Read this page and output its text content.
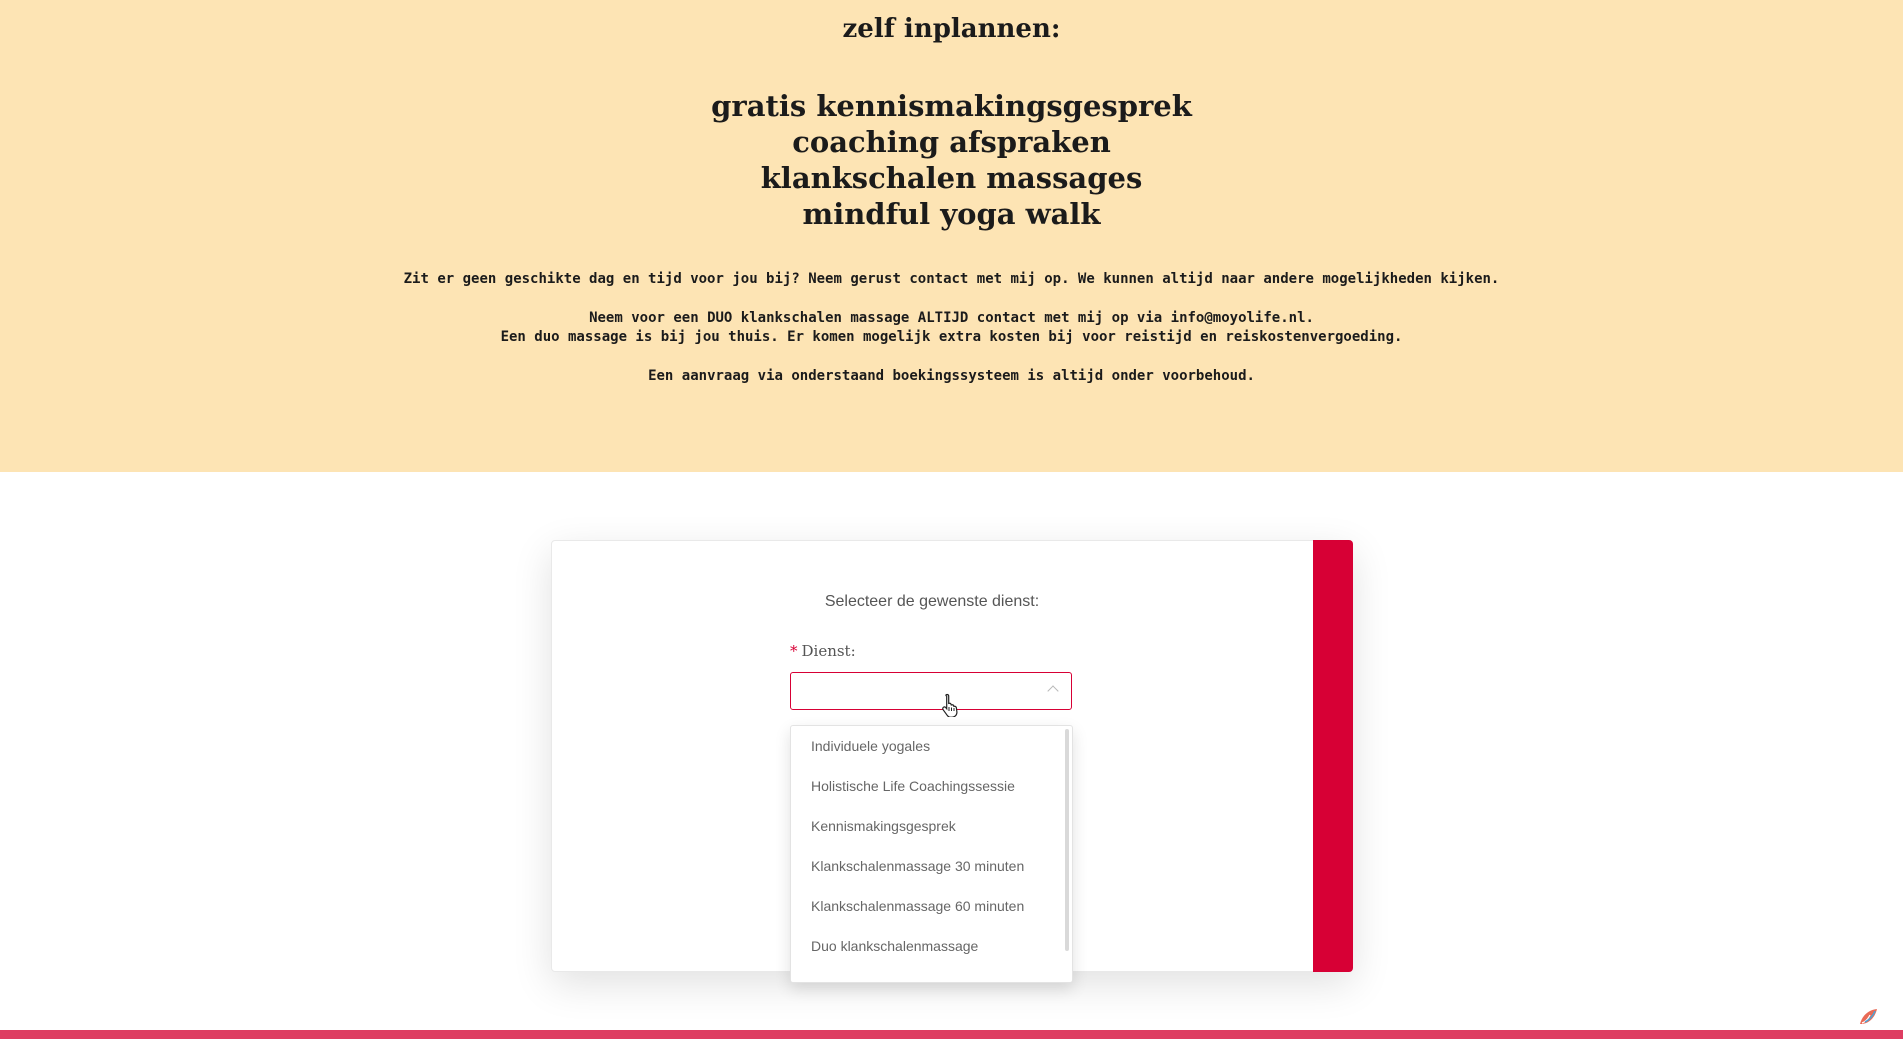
zelf inplannen:
gratis kennismakingsgesprek
coaching afspraken
klankschalen massages
mindful yoga walk

Zit er geen geschikte dag en tijd voor jou bij? Neem gerust contact met mij op. We kunnen altijd naar andere mogelijkheden kijken.

Neem voor een DUO klankschalen massage ALTIJD contact met mij op via info@moyolife.nl.

Een duo massage is bij jou thuis. Er komen mogelijk extra kosten bij voor reistijd en reiskostenvergoeding.

Een aanvraag via onderstaand boekingssysteem is altijd onder voorbehoud.

Selecteer de gewenste dienst:
* Dienst:
Individuele yogales
Holistische Life Coachingssessie
Kennismakingsgesprek
Klankschalenmassage 30 minuten
Klankschalenmassage 60 minuten
Duo klankschalenmassage
